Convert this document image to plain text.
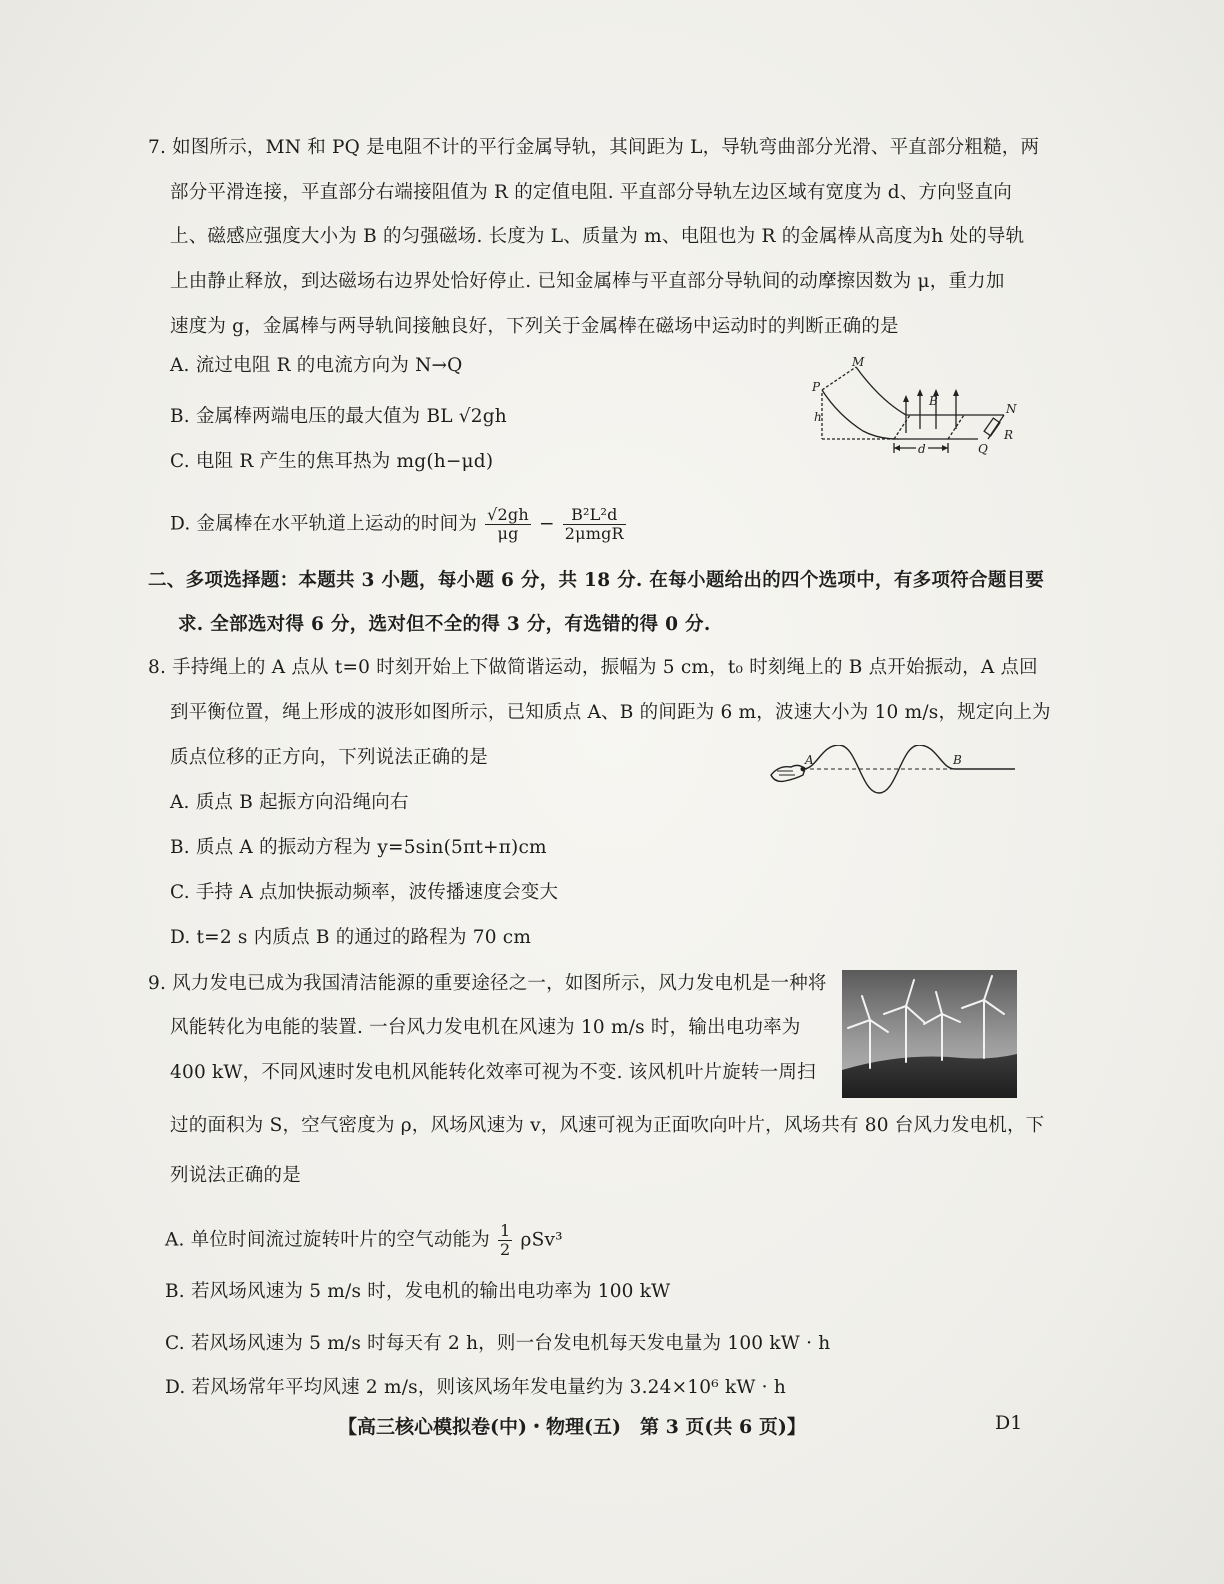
7. 如图所示，MN 和 PQ 是电阻不计的平行金属导轨，其间距为 L，导轨弯曲部分光滑、平直部分粗糙，两
部分平滑连接，平直部分右端接阻值为 R 的定值电阻. 平直部分导轨左边区域有宽度为 d、方向竖直向
上、磁感应强度大小为 B 的匀强磁场. 长度为 L、质量为 m、电阻也为 R 的金属棒从高度为h 处的导轨
上由静止释放，到达磁场右边界处恰好停止. 已知金属棒与平直部分导轨间的动摩擦因数为 μ，重力加
速度为 g，金属棒与两导轨间接触良好，下列关于金属棒在磁场中运动时的判断正确的是
A. 流过电阻 R 的电流方向为 N→Q
B. 金属棒两端电压的最大值为 BL √2gh
C. 电阻 R 产生的焦耳热为 mg(h−μd)
D. 金属棒在水平轨道上运动的时间为 $\frac{√2gh}{\mu g} - \frac{\text{B²L²d}}{\text{2μmgR}}$
M
P
h
B
N
R
d	Q
二、多项选择题：本题共 3 小题，每小题 6 分，共 18 分. 在每小题给出的四个选项中，有多项符合题目要
求. 全部选对得 6 分，选对但不全的得 3 分，有选错的得 0 分.
8. 手持绳上的 A 点从 t=0 时刻开始上下做简谐运动，振幅为 5 cm，t₀ 时刻绳上的 B 点开始振动，A 点回
到平衡位置，绳上形成的波形如图所示，已知质点 A、B 的间距为 6 m，波速大小为 10 m/s，规定向上为
质点位移的正方向，下列说法正确的是
A. 质点 B 起振方向沿绳向右
B. 质点 A 的振动方程为 y=5sin(5πt+π)cm
C. 手持 A 点加快振动频率，波传播速度会变大
D. t=2 s 内质点 B 的通过的路程为 70 cm
A	B
9. 风力发电已成为我国清洁能源的重要途径之一，如图所示，风力发电机是一种将
风能转化为电能的装置. 一台风力发电机在风速为 10 m/s 时，输出电功率为
400 kW，不同风速时发电机风能转化效率可视为不变. 该风机叶片旋转一周扫
过的面积为 S，空气密度为 ρ，风场风速为 v，风速可视为正面吹向叶片，风场共有 80 台风力发电机，下
列说法正确的是
A. 单位时间流过旋转叶片的空气动能为 $\frac{1}{2} \rho Sv^3$
B. 若风场风速为 5 m/s 时，发电机的输出电功率为 100 kW
C. 若风场风速为 5 m/s 时每天有 2 h，则一台发电机每天发电量为 100 kW · h
D. 若风场常年平均风速 2 m/s，则该风场年发电量约为 3.24×10⁶ kW · h
【高三核心模拟卷(中)・物理(五)　第 3 页(共 6 页)】	D1
